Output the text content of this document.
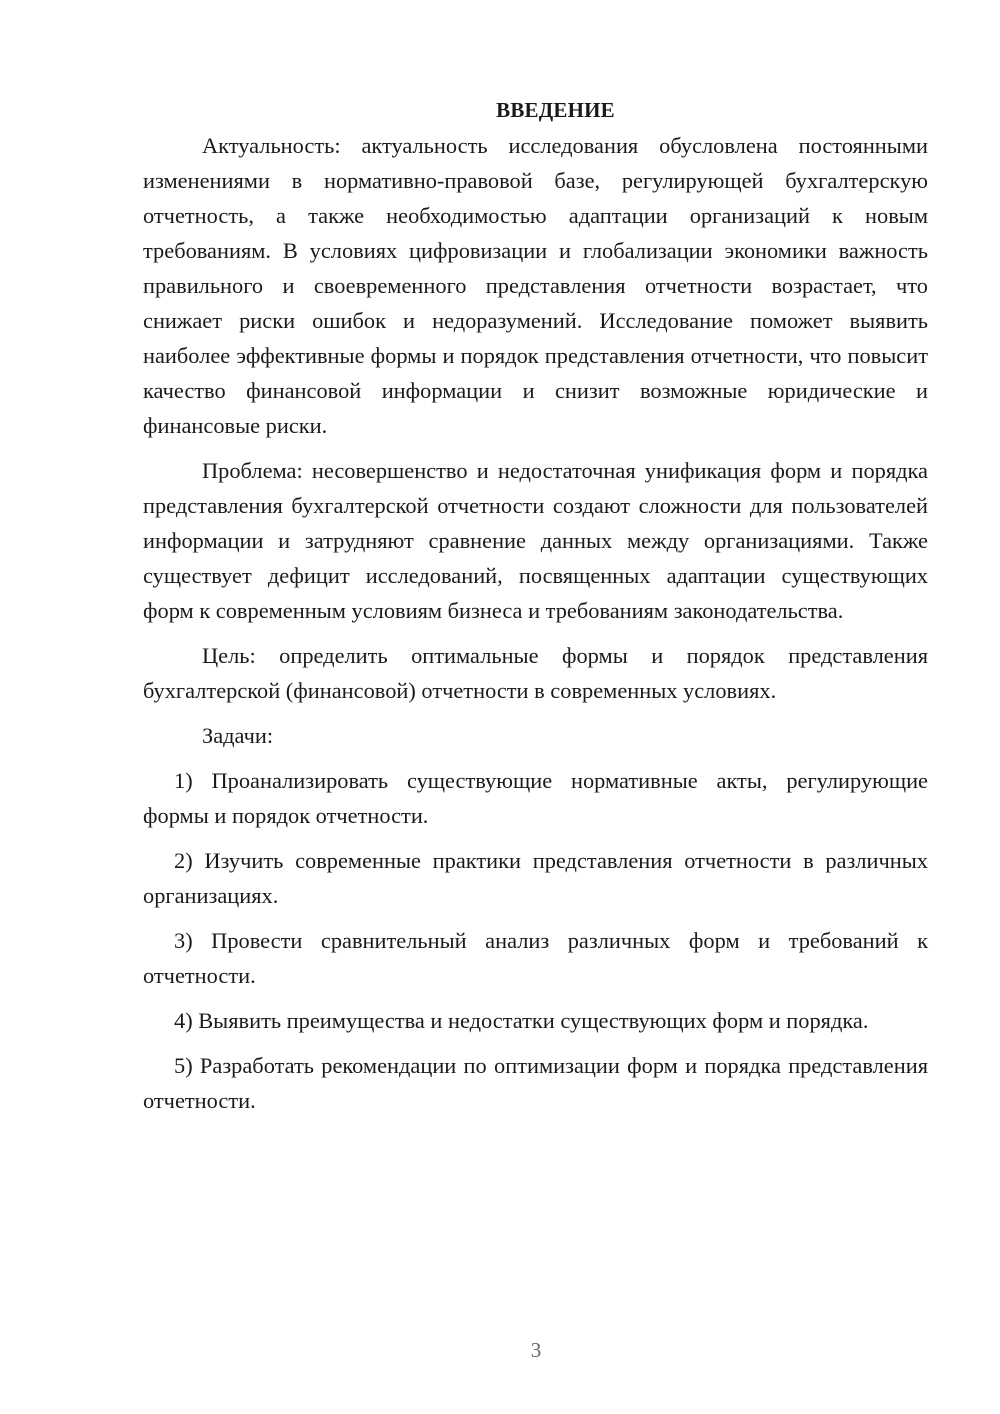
ВВЕДЕНИЕ

Актуальность: актуальность исследования обусловлена постоянными изменениями в нормативно-правовой базе, регулирующей бухгалтерскую отчетность, а также необходимостью адаптации организаций к новым требованиям. В условиях цифровизации и глобализации экономики важность правильного и своевременного представления отчетности возрастает, что снижает риски ошибок и недоразумений. Исследование поможет выявить наиболее эффективные формы и порядок представления отчетности, что повысит качество финансовой информации и снизит возможные юридические и финансовые риски.

Проблема: несовершенство и недостаточная унификация форм и порядка представления бухгалтерской отчетности создают сложности для пользователей информации и затрудняют сравнение данных между организациями. Также существует дефицит исследований, посвященных адаптации существующих форм к современным условиям бизнеса и требованиям законодательства.

Цель: определить оптимальные формы и порядок представления бухгалтерской (финансовой) отчетности в современных условиях.

Задачи:

1) Проанализировать существующие нормативные акты, регулирующие формы и порядок отчетности.

2) Изучить современные практики представления отчетности в различных организациях.

3) Провести сравнительный анализ различных форм и требований к отчетности.

4) Выявить преимущества и недостатки существующих форм и порядка.

5) Разработать рекомендации по оптимизации форм и порядка представления отчетности.

3
